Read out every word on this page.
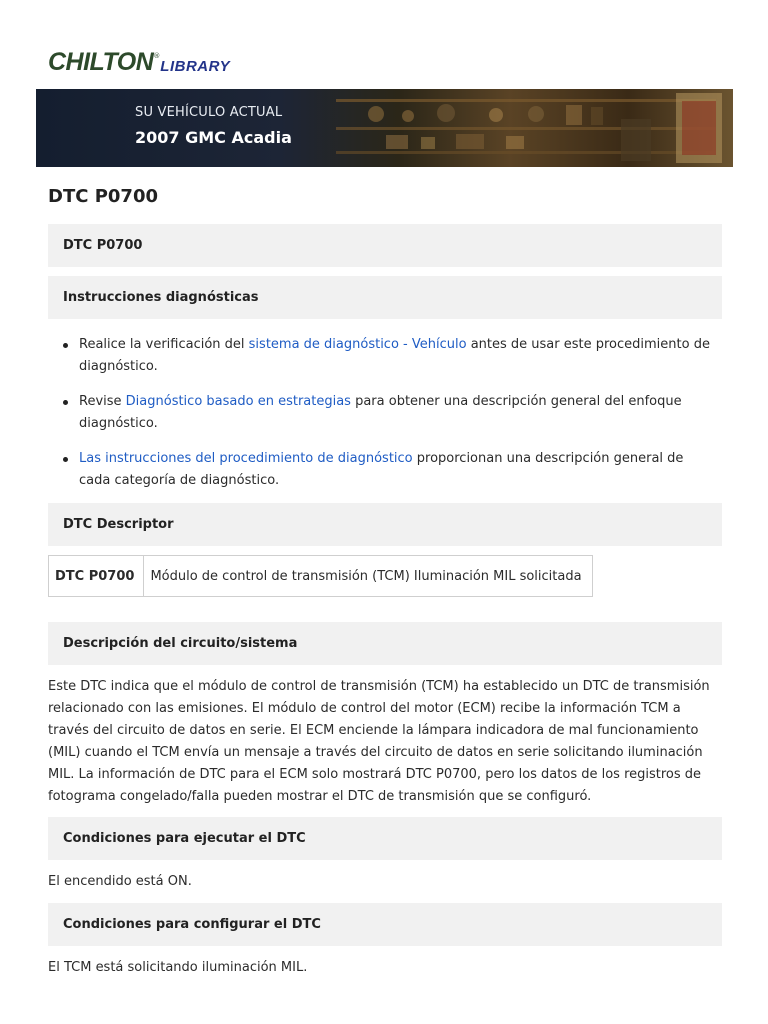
CHILTON ®
LIBRARY
SU VEHÍCULO ACTUAL
2007 GMC Acadia
DTC P0700
DTC P0700
Instrucciones diagnósticas
Realice la verificación del sistema de diagnóstico - Vehículo antes de usar este procedimiento de diagnóstico.
Revise Diagnóstico basado en estrategias para obtener una descripción general del enfoque diagnóstico.
Las instrucciones del procedimiento de diagnóstico proporcionan una descripción general de cada categoría de diagnóstico.
DTC Descriptor
DTC P0700	Módulo de control de transmisión (TCM) Iluminación MIL solicitada
Descripción del circuito/sistema

Este DTC indica que el módulo de control de transmisión (TCM) ha establecido un DTC de transmisión relacionado con las emisiones. El módulo de control del motor (ECM) recibe la información TCM a través del circuito de datos en serie. El ECM enciende la lámpara indicadora de mal funcionamiento (MIL) cuando el TCM envía un mensaje a través del circuito de datos en serie solicitando iluminación MIL. La información de DTC para el ECM solo mostrará DTC P0700, pero los datos de los registros de fotograma congelado/falla pueden mostrar el DTC de transmisión que se configuró.

Condiciones para ejecutar el DTC

El encendido está ON.

Condiciones para configurar el DTC

El TCM está solicitando iluminación MIL.
